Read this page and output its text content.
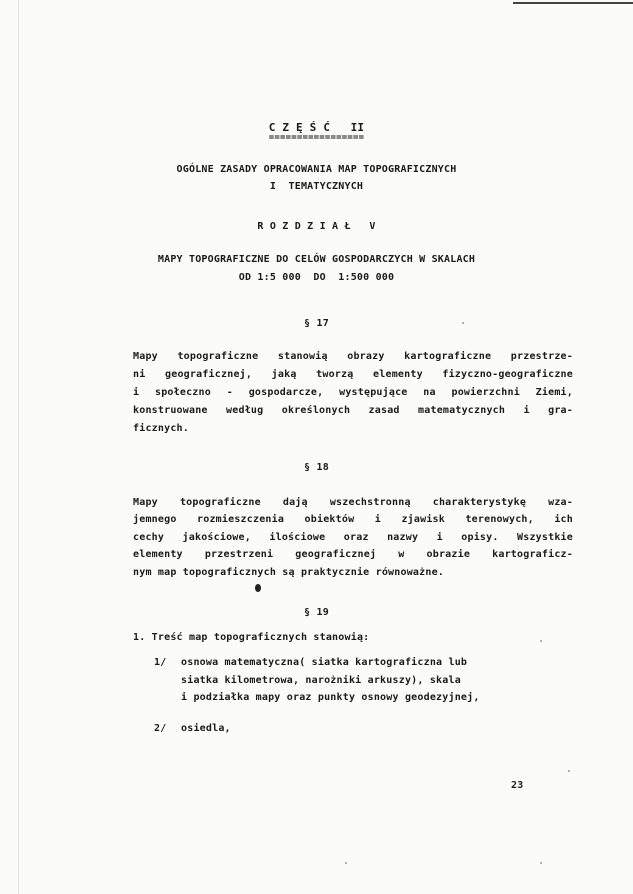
C Z Ę Ś Ć   II
=================
OGÓLNE ZASADY OPRACOWANIA MAP TOPOGRAFICZNYCH
I  TEMATYCZNYCH
R O Z D Z I A Ł   V
MAPY TOPOGRAFICZNE DO CELÓW GOSPODARCZYCH W SKALACH
OD 1:5 000  DO  1:500 000
§ 17
Mapy topograficzne stanowią obrazy kartograficzne przestrze-
ni geograficznej, jaką tworzą elementy fizyczno-geograficzne
i społeczno - gospodarcze, występujące na powierzchni Ziemi,
konstruowane według określonych zasad matematycznych i gra-
ficznych.
§ 18
Mapy topograficzne dają wszechstronną charakterystykę wza-
jemnego rozmieszczenia obiektów i zjawisk terenowych, ich
cechy jakościowe, ilościowe oraz nazwy i opisy. Wszystkie
elementy przestrzeni geograficznej w obrazie kartograficz-
nym map topograficznych są praktycznie równoważne.
§ 19
1. Treść map topograficznych stanowią:
1/ osnowa matematyczna( siatka kartograficzna lub
siatka kilometrowa, narożniki arkuszy), skala
i podziałka mapy oraz punkty osnowy geodezyjnej,
2/ osiedla,
23
